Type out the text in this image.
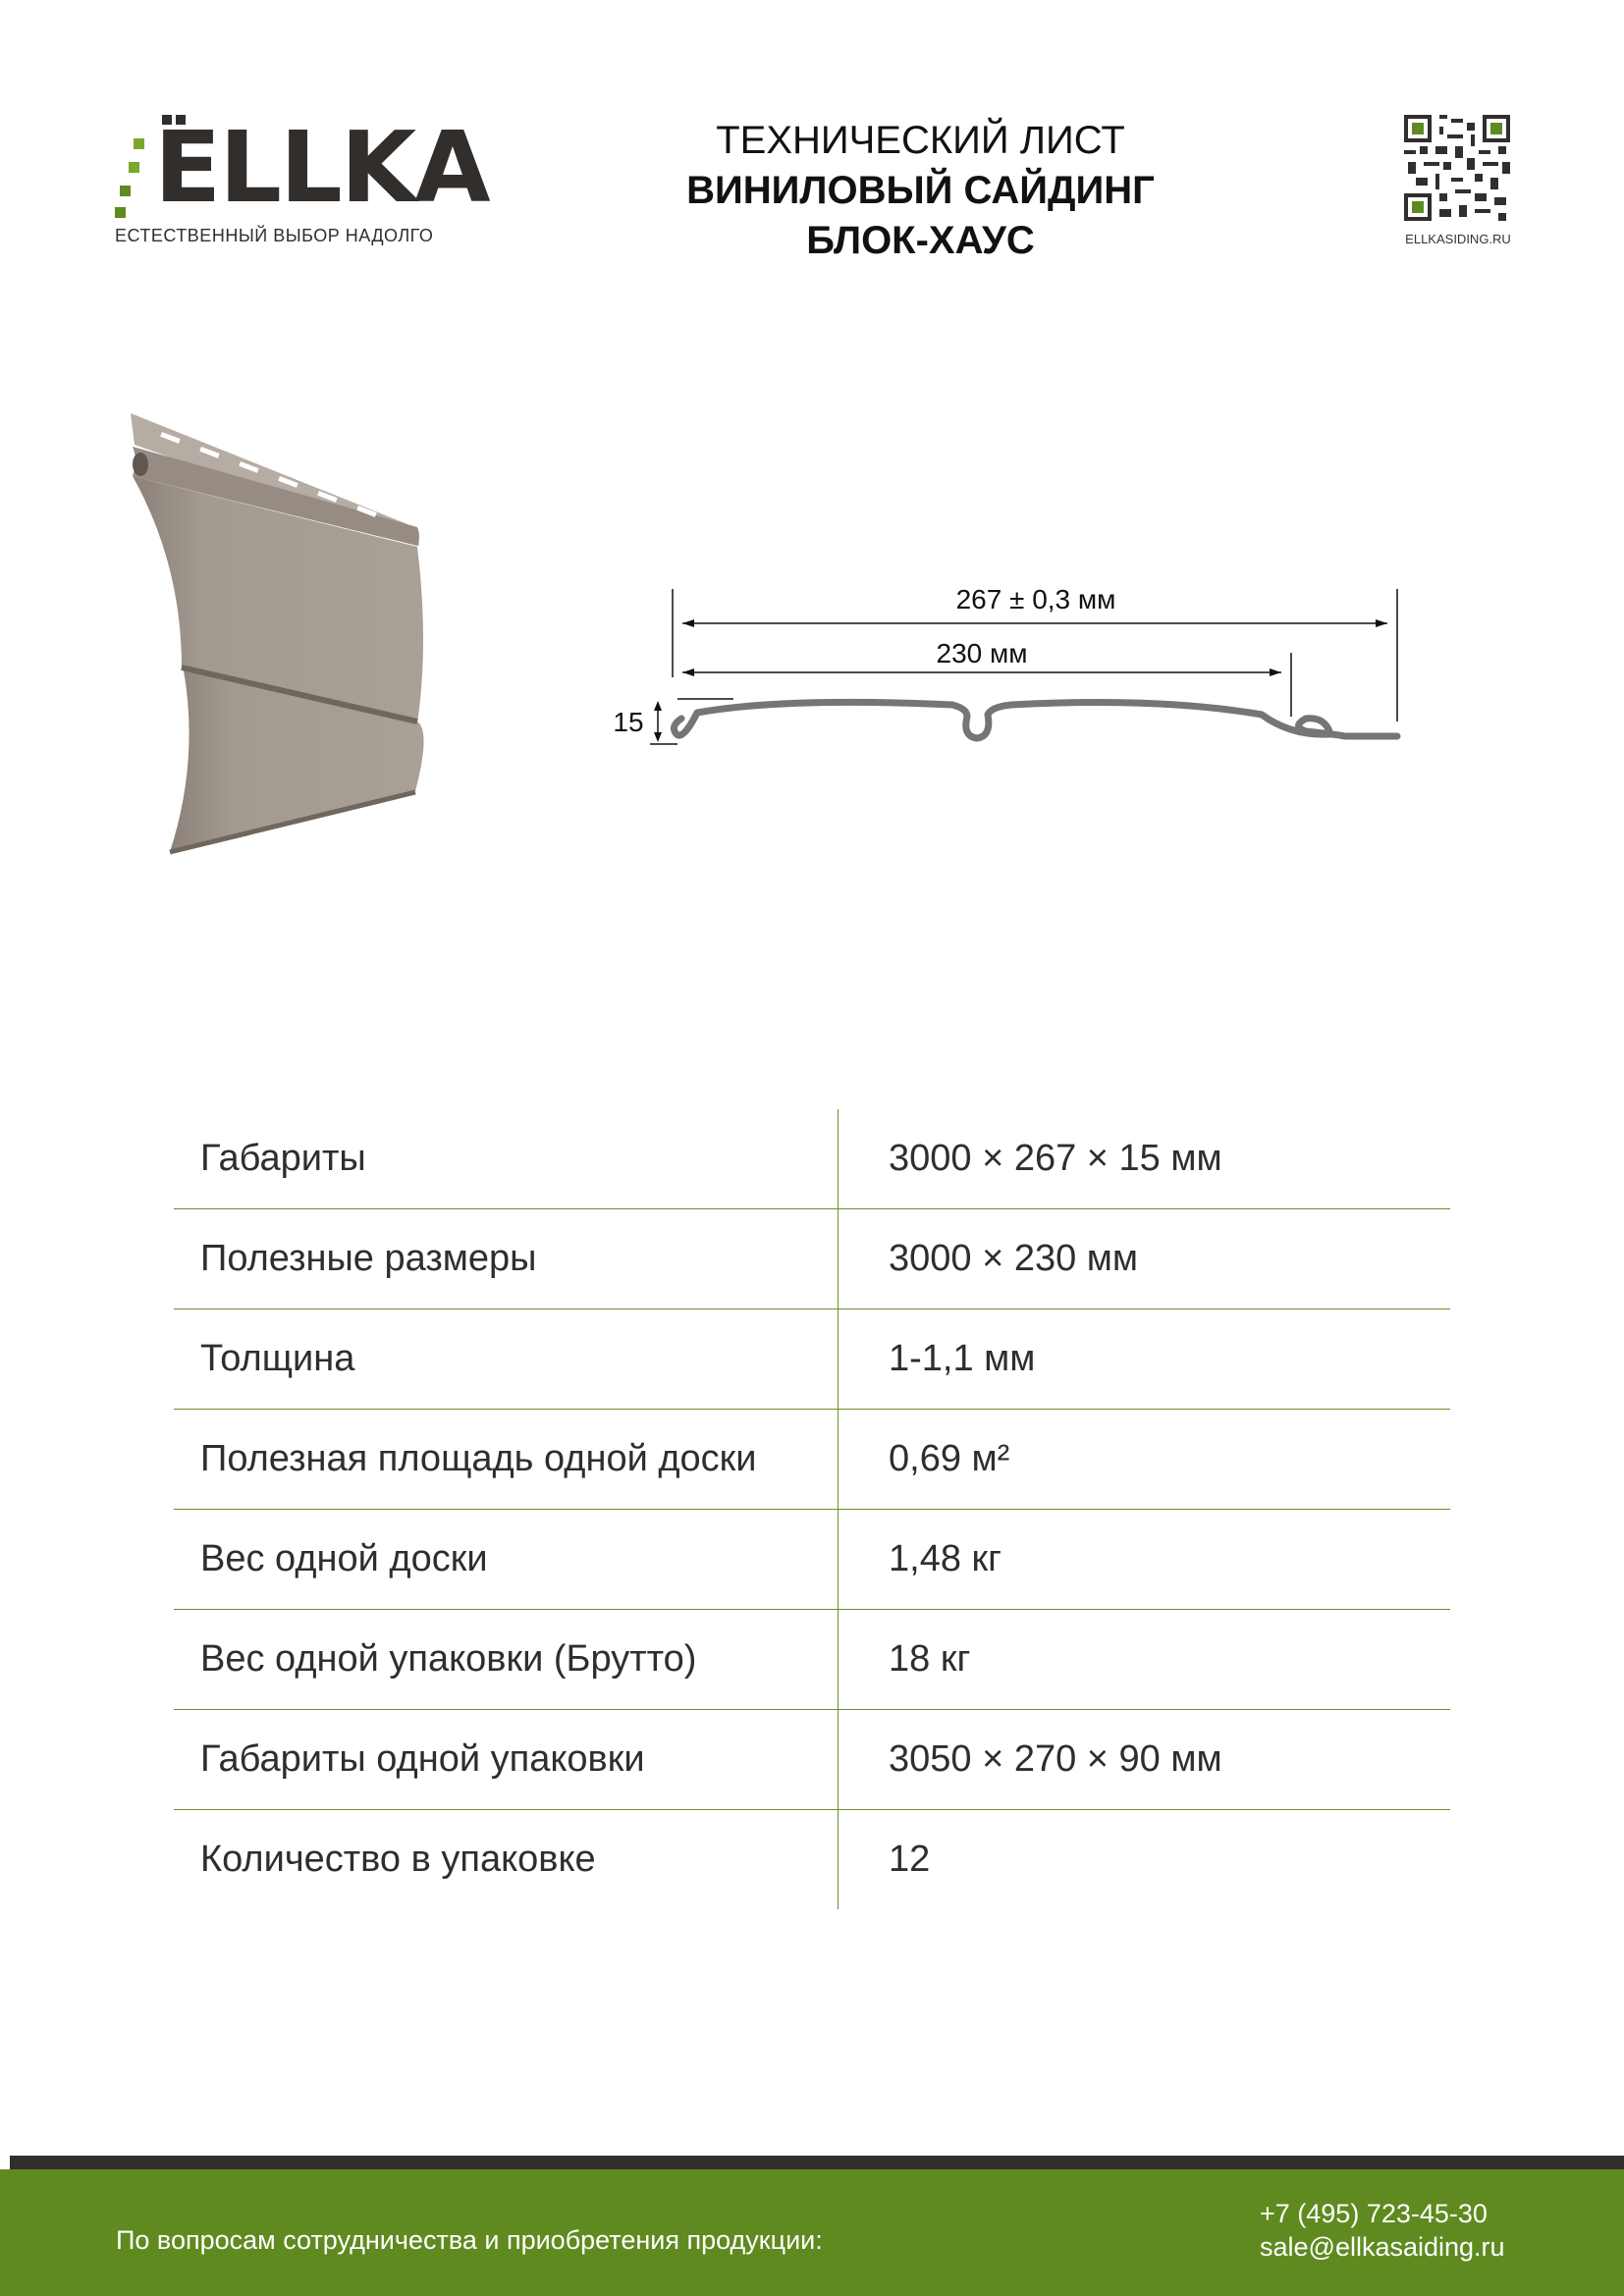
ELLKA
ЕСТЕСТВЕННЫЙ ВЫБОР НАДОЛГО
ТЕХНИЧЕСКИЙ ЛИСТ
ВИНИЛОВЫЙ САЙДИНГ
БЛОК-ХАУС	ELLKASIDING.RU
267 ± 0,3 мм
230 мм
15
Габариты	3000 × 267 × 15 мм
Полезные размеры	3000 × 230 мм
Толщина	1-1,1 мм
Полезная площадь одной доски	0,69 м²
Вес одной доски	1,48 кг
Вес одной упаковки (Брутто)	18 кг
Габариты одной упаковки	3050 × 270 × 90 мм
Количество в упаковке	12
По вопросам сотрудничества и приобретения продукции:
+7 (495) 723-45-30
sale@ellkasaiding.ru
